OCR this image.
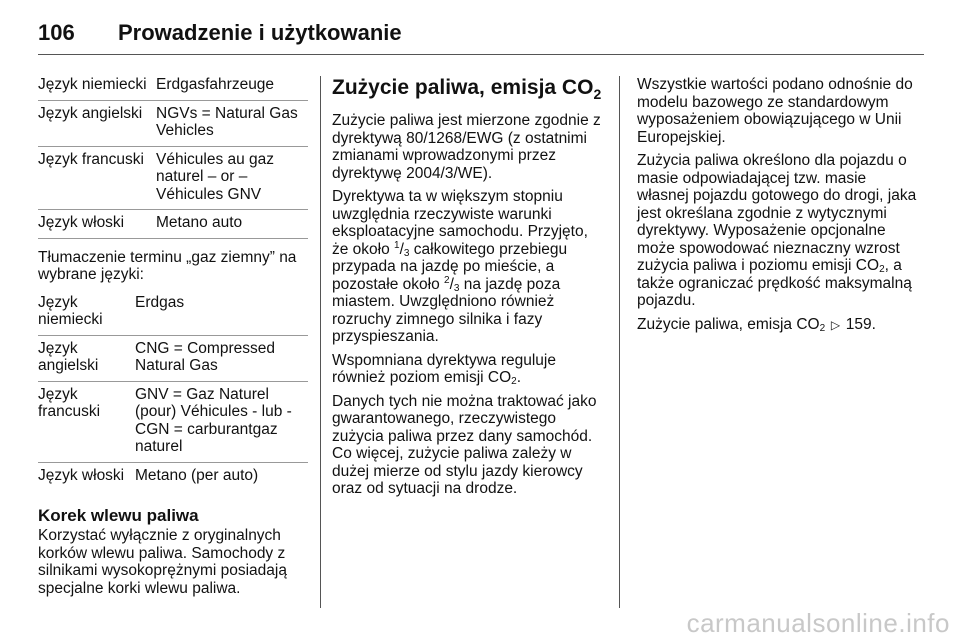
106 Prowadzenie i użytkowanie
Język niemiecki Erdgasfahrzeuge
Język angielski NGVs = Natural Gas Vehicles
Język francuski Véhicules au gaz naturel – or – Véhicules GNV
Język włoski	Metano auto

Tłumaczenie terminu „gaz ziemny” na wybrane języki:

Język niemiecki
Erdgas
Język angielski
CNG = Compressed Natural Gas
Język francuski
GNV = Gaz Naturel (pour) Véhicules - lub - CGN = carburantgaz naturel
Język włoski Metano (per auto)
Korek wlewu paliwa

Korzystać wyłącznie z oryginalnych korków wlewu paliwa. Samochody z silnikami wysokoprężnymi posiadają specjalne korki wlewu paliwa.

Zużycie paliwa, emisja $CO_2$

Zużycie paliwa jest mierzone zgodnie z dyrektywą 80/1268/EWG (z ostatnimi zmianami wprowadzonymi przez dyrektywę 2004/3/WE).

Dyrektywa ta w większym stopniu uwzględnia rzeczywiste warunki eksploatacyjne samochodu. Przyjęto, że około $^1/_3$ całkowitego przebiegu przypada na jazdę po mieście, a pozostałe około $^2/_3$ na jazdę poza miastem. Uwzględniono również rozruchy zimnego silnika i fazy przyspieszania.

Wspomniana dyrektywa reguluje również poziom emisji $CO_2$.

Danych tych nie można traktować jako gwarantowanego, rzeczywistego zużycia paliwa przez dany samochód. Co więcej, zużycie paliwa zależy w dużej mierze od stylu jazdy kierowcy oraz od sytuacji na drodze.

Wszystkie wartości podano odnośnie do modelu bazowego ze standardowym wyposażeniem obowiązującego w Unii Europejskiej.

Zużycia paliwa określono dla pojazdu o masie odpowiadającej tzw. masie własnej pojazdu gotowego do drogi, jaka jest określana zgodnie z wytycznymi dyrektywy. Wyposażenie opcjonalne może spowodować nieznaczny wzrost zużycia paliwa i poziomu emisji $CO_2$, a także ograniczać prędkość maksymalną pojazdu.

Zużycie paliwa, emisja $CO_2$ ▷ 159.

carmanualsonline.info
